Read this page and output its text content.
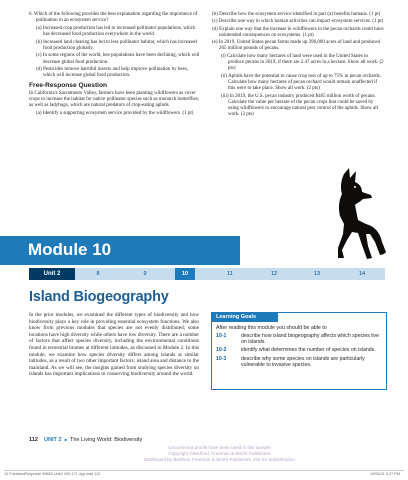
6. Which of the following provides the best explanation regarding the importance of pollination in an ecosystem service?

(a) Increased crop production has led to increased pollinator populations, which has decreased food production everywhere in the world.

(b) Increased land clearing has led to less pollinator habitat, which has increased food production globally.

(c) In some regions of the world, bee populations have been declining, which will decrease global food production.

(d) Pesticides remove harmful insects and help improve pollination by bees, which will increase global food production.

Free-Response Question

In California's Sacramento Valley, farmers have been planting wildflowers as cover crops to increase the habitat for native pollinator species such as monarch butterflies, as well as ladybugs, which are natural predators of crop-eating aphids.

(a) Identify a supporting ecosystem service provided by the wildflowers. (1 pt)

(b) Describe how the ecosystem service identified in part (a) benefits humans. (1 pt)

(c) Describe one way in which human activities can impact ecosystem services. (1 pt)

(d) Explain one way that the increase in wildflowers in the pecan orchards could have unintended consequences on ecosystems. (1 pt)

(e) In 2019, United States pecan farms made up 396,000 acres of land and produced 265 million pounds of pecans.

(i) Calculate how many hectares of land were used in the United States to produce pecans in 2019, if there are 2.47 acres in a hectare. Show all work. (2 pts)

(ii) Aphids have the potential to cause crop loss of up to 75% in pecan orchards. Calculate how many hectares of pecan orchard would remain unaffected if this were to take place. Show all work. (2 pts)

(iii) In 2019, the U.S. pecan industry produced $465 million worth of pecans. Calculate the value per hectare of the pecan crops that could be saved by using wildflowers to encourage natural pest control of the aphids. Show all work. (2 pts)

Module 10
Unit 2	8	9	10	11	12	13	14
Island Biogeography

In the prior modules, we examined the different types of biodiversity and how biodiversity plays a key role in providing essential ecosystem functions. We also know from previous modules that species are not evenly distributed; some locations have high diversity while others have low diversity. There are a number of factors that affect species diversity, including the environmental conditions found in terrestrial biomes at different latitudes, as discussed in Module 2. In this module, we examine how species diversity differs among islands at similar latitudes, as a result of two other important factors: island area and distance to the mainland. As we will see, the insights gained from studying species diversity on islands has important implications to conserving biodiversity around the world.

Learning Goals
After reading this module you should be able to
10-1	describe how island biogeography affects which species live on islands.
10-2	identify what determines the number of species on islands.
10-3	describe why some species on islands are particularly vulnerable to invasive species.
112 UNIT 2 ■ The Living World: Biodiversity
Uncorrected proofs have been used in this sample.
Copyright ©Bedford, Freeman & Worth Publishers.
Distributed by Bedford, Freeman & Worth Publishers. Not for redistribution.
10 FriedlandRelyea4e 99685 Unit2 099-171 4pp.indd 112	10/06/21 3:27 PM
